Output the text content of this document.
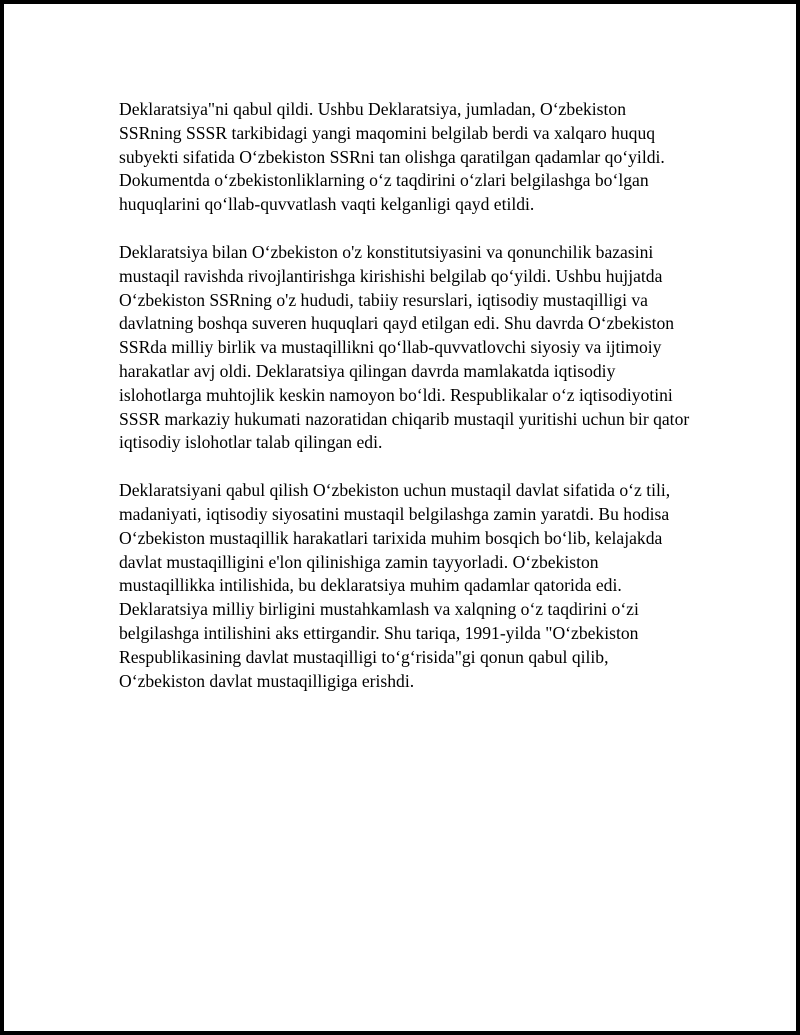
Deklaratsiya"ni qabul qildi. Ushbu Deklaratsiya, jumladan, O‘zbekiston SSRning SSSR tarkibidagi yangi maqomini belgilab berdi va xalqaro huquq subyekti sifatida O‘zbekiston SSRni tan olishga qaratilgan qadamlar qo‘yildi. Dokumentda o‘zbekistonliklarning o‘z taqdirini o‘zlari belgilashga bo‘lgan huquqlarini qo‘llab-quvvatlash vaqti kelganligi qayd etildi.

Deklaratsiya bilan O‘zbekiston o'z konstitutsiyasini va qonunchilik bazasini mustaqil ravishda rivojlantirishga kirishishi belgilab qo‘yildi. Ushbu hujjatda O‘zbekiston SSRning o'z hududi, tabiiy resurslari, iqtisodiy mustaqilligi va davlatning boshqa suveren huquqlari qayd etilgan edi. Shu davrda O‘zbekiston SSRda milliy birlik va mustaqillikni qo‘llab-quvvatlovchi siyosiy va ijtimoiy harakatlar avj oldi. Deklaratsiya qilingan davrda mamlakatda iqtisodiy islohotlarga muhtojlik keskin namoyon bo‘ldi. Respublikalar o‘z iqtisodiyotini SSSR markaziy hukumati nazoratidan chiqarib mustaqil yuritishi uchun bir qator iqtisodiy islohotlar talab qilingan edi.

Deklaratsiyani qabul qilish O‘zbekiston uchun mustaqil davlat sifatida o‘z tili, madaniyati, iqtisodiy siyosatini mustaqil belgilashga zamin yaratdi. Bu hodisa O‘zbekiston mustaqillik harakatlari tarixida muhim bosqich bo‘lib, kelajakda davlat mustaqilligini e'lon qilinishiga zamin tayyorladi. O‘zbekiston mustaqillikka intilishida, bu deklaratsiya muhim qadamlar qatorida edi. Deklaratsiya milliy birligini mustahkamlash va xalqning o‘z taqdirini o‘zi belgilashga intilishini aks ettirgandir. Shu tariqa, 1991-yilda "O‘zbekiston Respublikasining davlat mustaqilligi to‘g‘risida"gi qonun qabul qilib, O‘zbekiston davlat mustaqilligiga erishdi.
